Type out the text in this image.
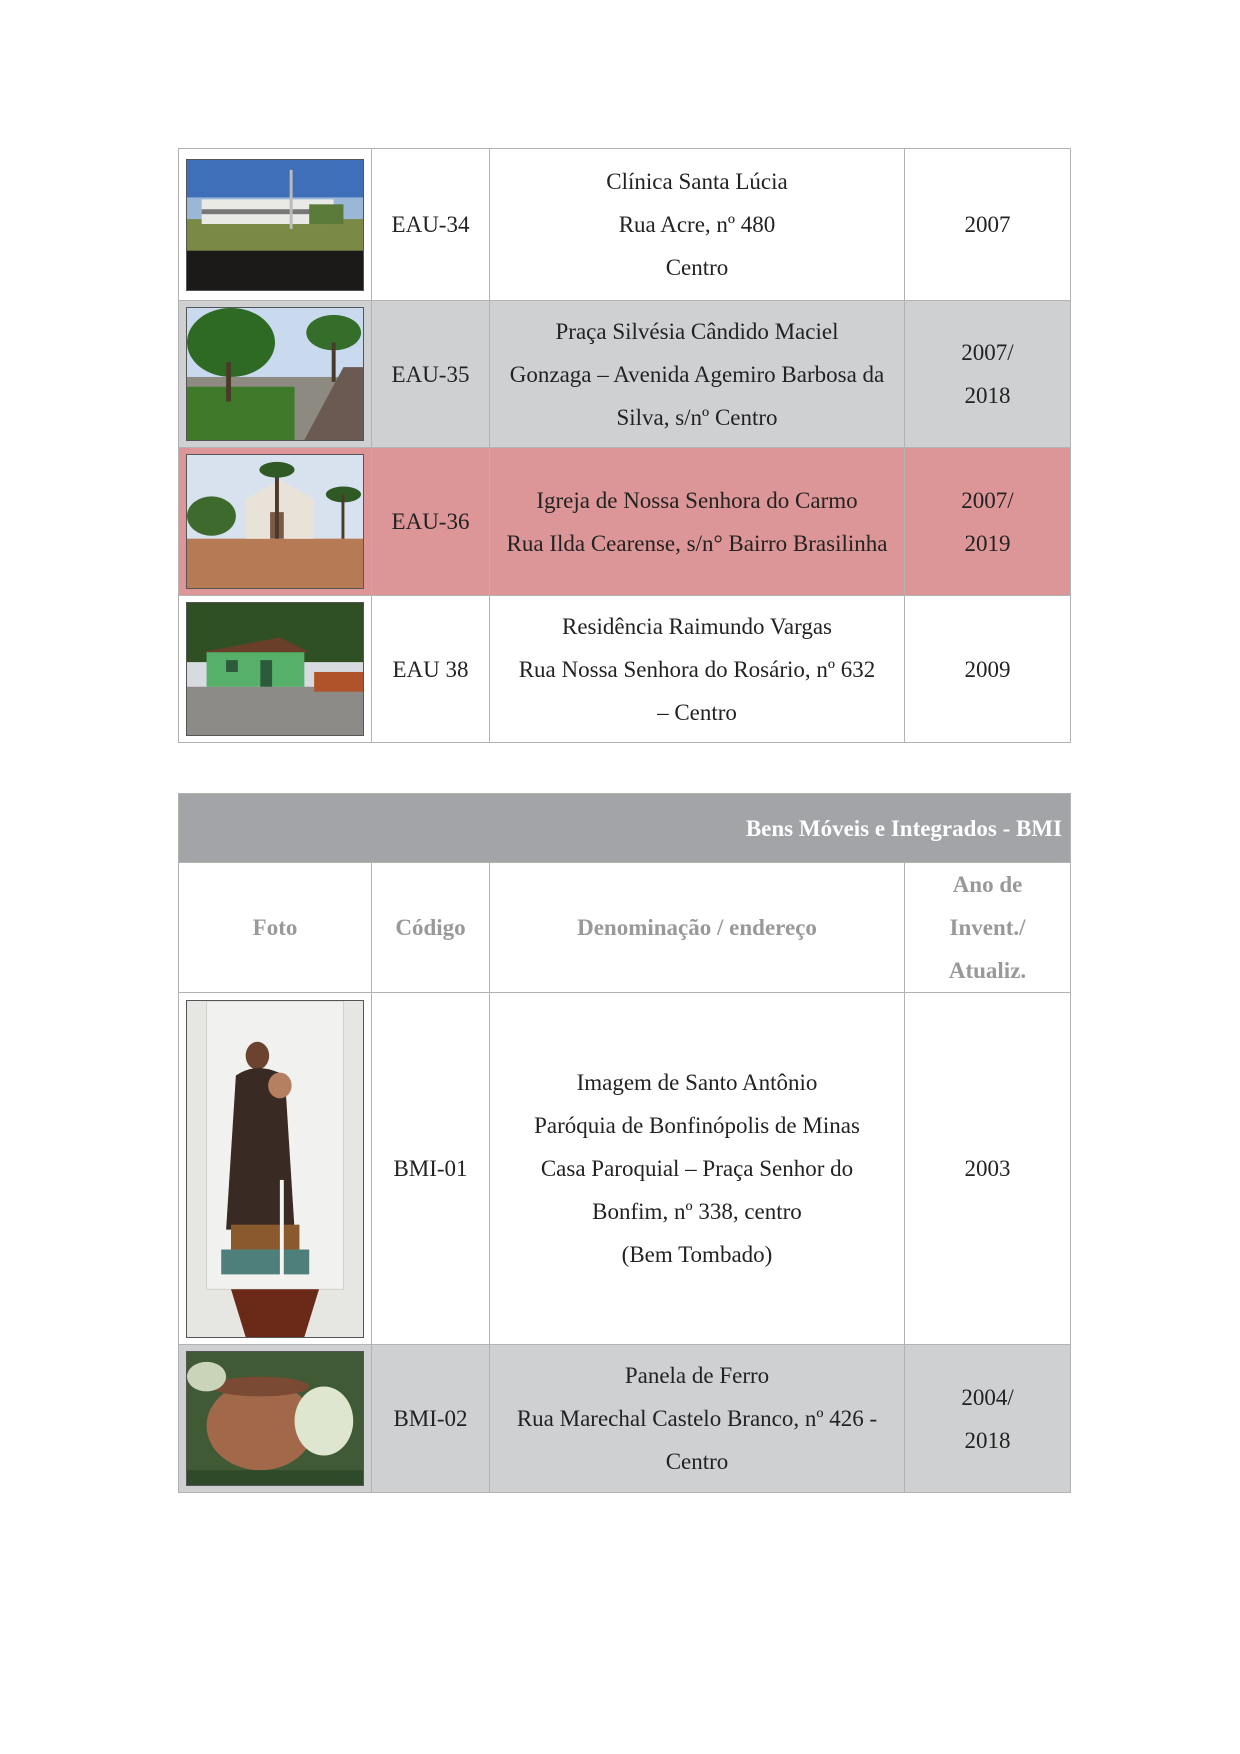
	EAU-34	Clínica Santa Lúcia
Rua Acre, nº 480
Centro	2007

	EAU-35	Praça Silvésia Cândido Maciel
Gonzaga – Avenida Agemiro Barbosa da
Silva, s/nº Centro	2007/
2018

	EAU-36	Igreja de Nossa Senhora do Carmo
Rua Ilda Cearense, s/n° Bairro Brasilinha	2007/
2019

	EAU 38	Residência Raimundo Vargas
Rua Nossa Senhora do Rosário, nº 632
– Centro	2009
Bens Móveis e Integrados - BMI			
Foto	Código	Denominação / endereço	Ano de
Invent./
Atualiz.

	BMI-01	Imagem de Santo Antônio
Paróquia de Bonfinópolis de Minas
Casa Paroquial – Praça Senhor do
Bonfim, nº 338, centro
(Bem Tombado)	2003

	BMI-02	Panela de Ferro
Rua Marechal Castelo Branco, nº 426 -
Centro	2004/
2018
